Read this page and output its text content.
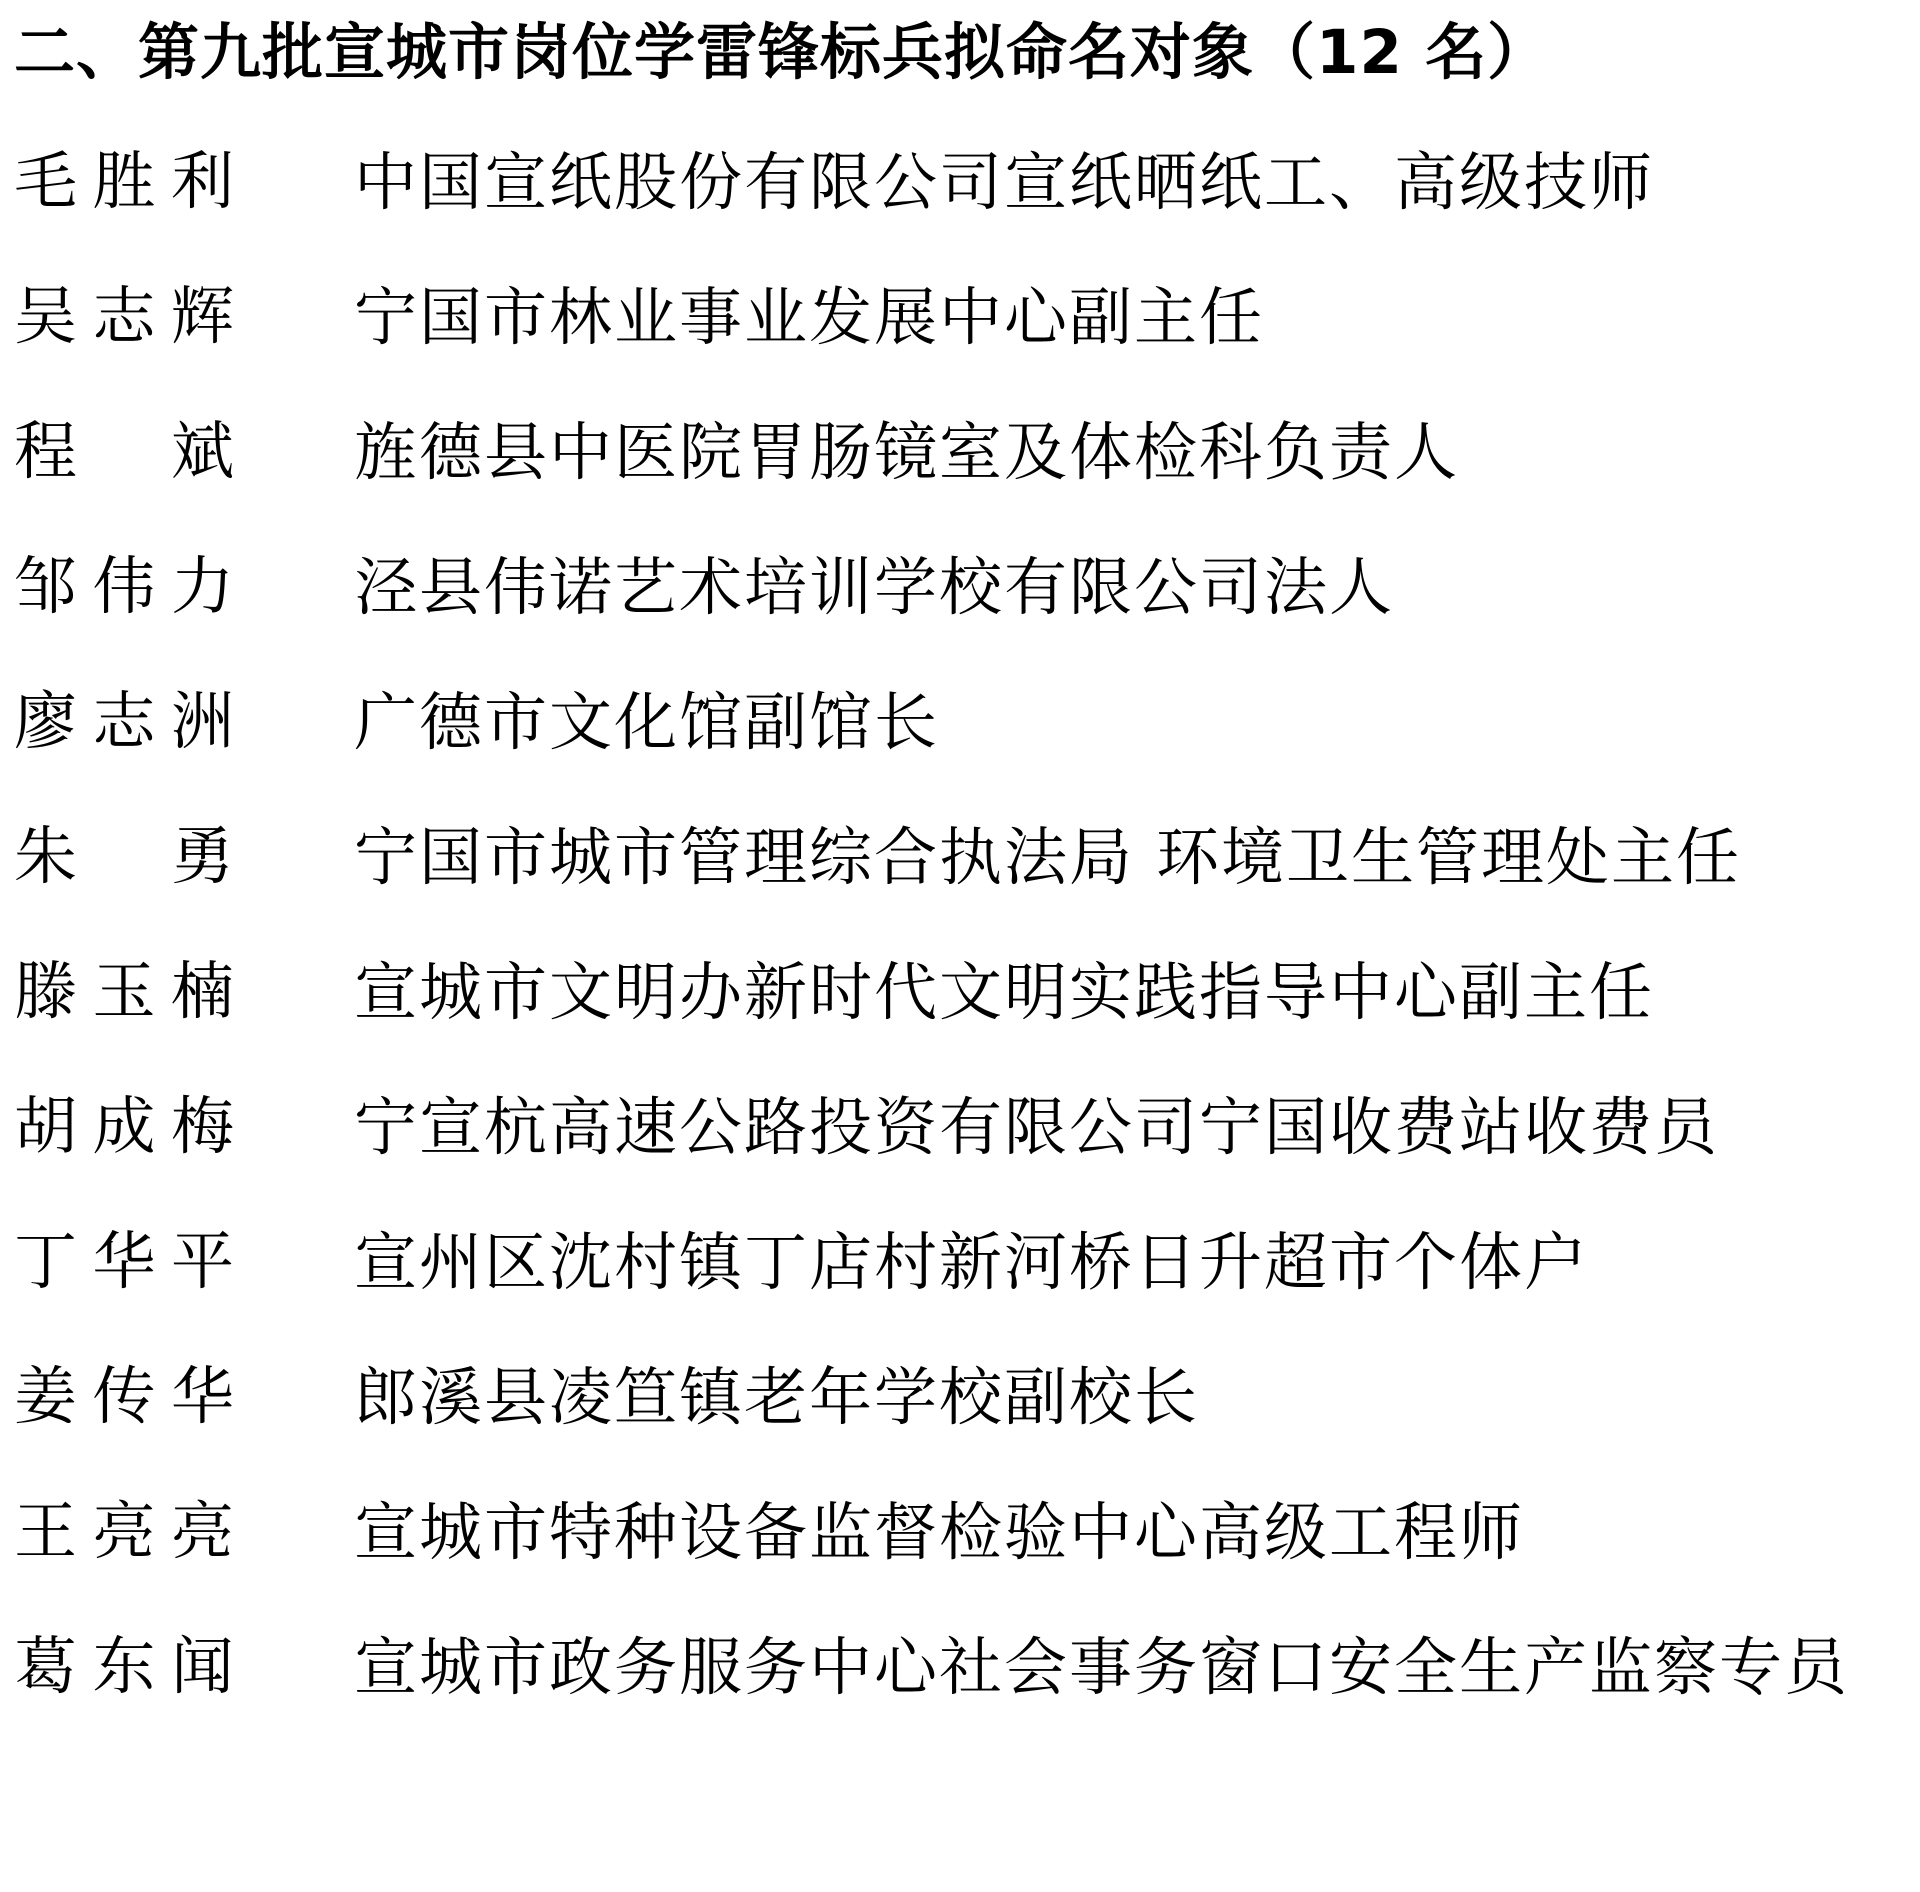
二、第九批宣城市岗位学雷锋标兵拟命名对象（12 名）
毛 胜 利 中国宣纸股份有限公司宣纸晒纸工、高级技师
吴 志 辉 宁国市林业事业发展中心副主任
程 斌 旌德县中医院胃肠镜室及体检科负责人
邹 伟 力 泾县伟诺艺术培训学校有限公司法人
廖 志 洲 广德市文化馆副馆长
朱 勇 宁国市城市管理综合执法局 环境卫生管理处主任
滕 玉 楠 宣城市文明办新时代文明实践指导中心副主任
胡 成 梅 宁宣杭高速公路投资有限公司宁国收费站收费员
丁 华 平 宣州区沈村镇丁店村新河桥日升超市个体户
姜 传 华 郎溪县凌笪镇老年学校副校长
王 亮 亮 宣城市特种设备监督检验中心高级工程师
葛 东 闻 宣城市政务服务中心社会事务窗口安全生产监察专员
